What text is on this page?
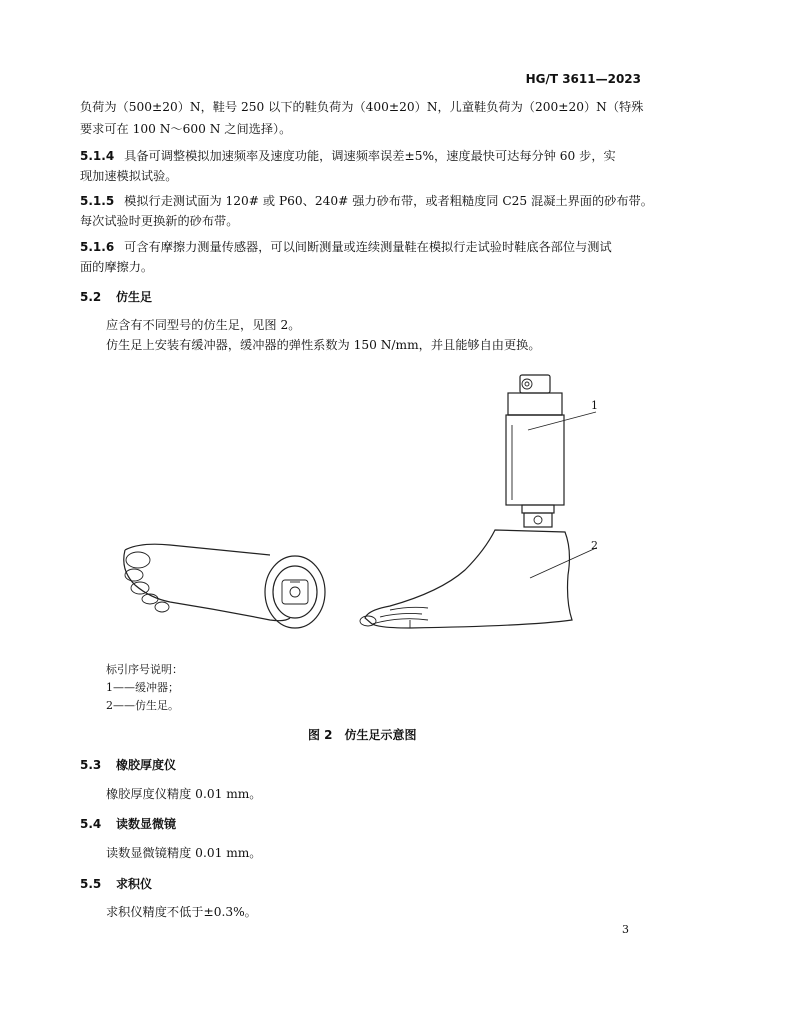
HG/T 3611—2023
负荷为（500±20）N，鞋号 250 以下的鞋负荷为（400±20）N，儿童鞋负荷为（200±20）N（特殊
要求可在 100 N～600 N 之间选择）。
5.1.4 具备可调整模拟加速频率及速度功能，调速频率误差±5%，速度最快可达每分钟 60 步，实
现加速模拟试验。
5.1.5 模拟行走测试面为 120# 或 P60、240# 强力砂布带，或者粗糙度同 C25 混凝土界面的砂布带。
每次试验时更换新的砂布带。
5.1.6 可含有摩擦力测量传感器，可以间断测量或连续测量鞋在模拟行走试验时鞋底各部位与测试
面的摩擦力。
5.2 仿生足
应含有不同型号的仿生足，见图 2。
仿生足上安装有缓冲器，缓冲器的弹性系数为 150 N/mm，并且能够自由更换。
1
2
标引序号说明：
1——缓冲器；
2——仿生足。
图 2　仿生足示意图
5.3 橡胶厚度仪
橡胶厚度仪精度 0.01 mm。
5.4 读数显微镜
读数显微镜精度 0.01 mm。
5.5 求积仪
求积仪精度不低于±0.3%。
3
